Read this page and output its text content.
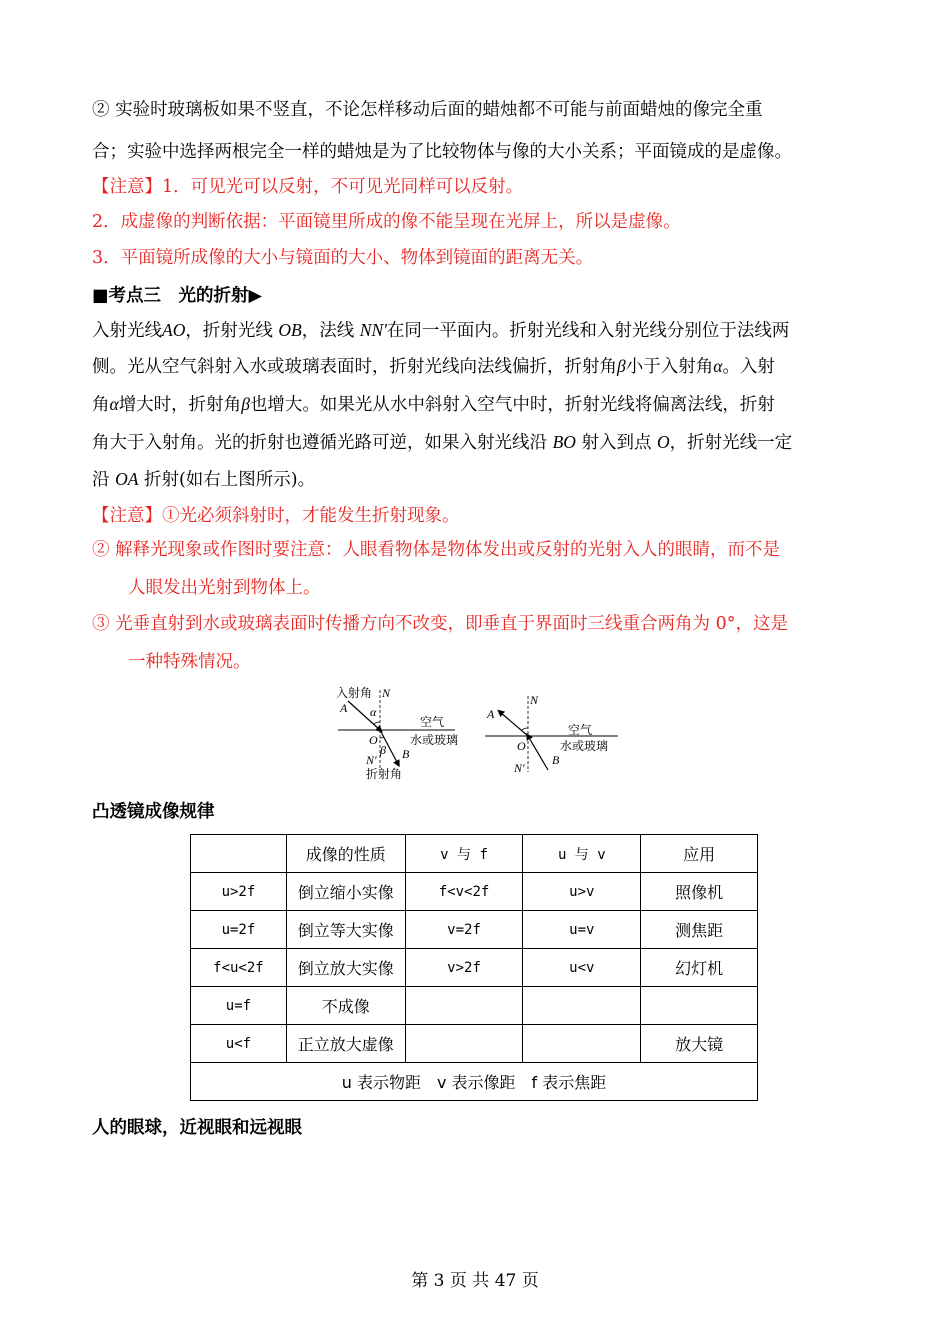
② 实验时玻璃板如果不竖直，不论怎样移动后面的蜡烛都不可能与前面蜡烛的像完全重
合；实验中选择两根完全一样的蜡烛是为了比较物体与像的大小关系；平面镜成的是虚像。
【注意】1．可见光可以反射，不可见光同样可以反射。
2．成虚像的判断依据：平面镜里所成的像不能呈现在光屏上，所以是虚像。
3．平面镜所成像的大小与镜面的大小、物体到镜面的距离无关。
■考点三　光的折射▶
入射光线AO，折射光线 OB，法线 NN'在同一平面内。折射光线和入射光线分别位于法线两
侧。光从空气斜射入水或玻璃表面时，折射光线向法线偏折，折射角β小于入射角α。入射
角α增大时，折射角β也增大。如果光从水中斜射入空气中时，折射光线将偏离法线，折射
角大于入射角。光的折射也遵循光路可逆，如果入射光线沿 BO 射入到点 O，折射光线一定
沿 OA 折射(如右上图所示)。
【注意】①光必须斜射时，才能发生折射现象。
② 解释光现象或作图时要注意：人眼看物体是物体发出或反射的光射入人的眼睛，而不是
人眼发出光射到物体上。
③ 光垂直射到水或玻璃表面时传播方向不改变，即垂直于界面时三线重合两角为 0°，这是
一种特殊情况。
入射角 N
A α
空气
O	水或玻璃
β B
N′
折射角
N
A
空气
O	水或玻璃
B
N′
凸透镜成像规律
	成像的性质	v 与 f	u 与 v	应用
u>2f	倒立缩小实像	f<v<2f	u>v	照像机
u=2f	倒立等大实像	v=2f	u=v	测焦距
f<u<2f	倒立放大实像	v>2f	u<v	幻灯机
u=f	不成像			
u<f	正立放大虚像			放大镜
u 表示物距　v 表示像距　f 表示焦距				
人的眼球，近视眼和远视眼
第 3 页 共 47 页
